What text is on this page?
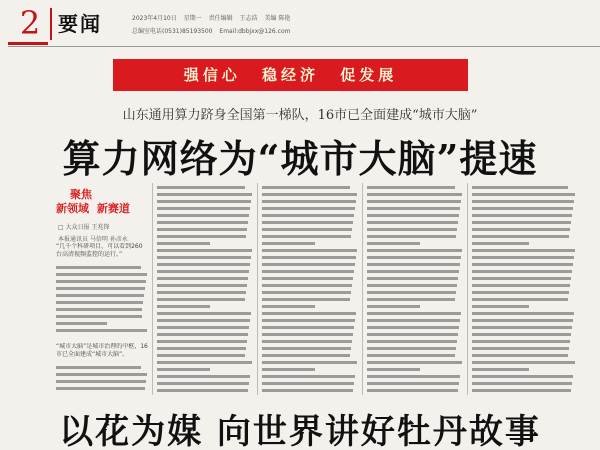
2 要闻	2023年4月10日 星期一 责任编辑 王志浩 美编 陈艳
总编室电话(0531)85193500 Email:dbbjxx@126.com
强信心 稳经济 促发展
山东通用算力跻身全国第一梯队，16市已全面建成“城市大脑”
算力网络为“城市大脑”提速
聚焦
新领域 新赛道
□ 大众日报 王兆锋
本报通讯员 马信明 孙彦永
“几千个科研项目，可以看到260台高清视频监控的运行。”
“城市大脑”是城市治理的中枢，16市已全面建成“城市大脑”。
以花为媒 向世界讲好牡丹故事
